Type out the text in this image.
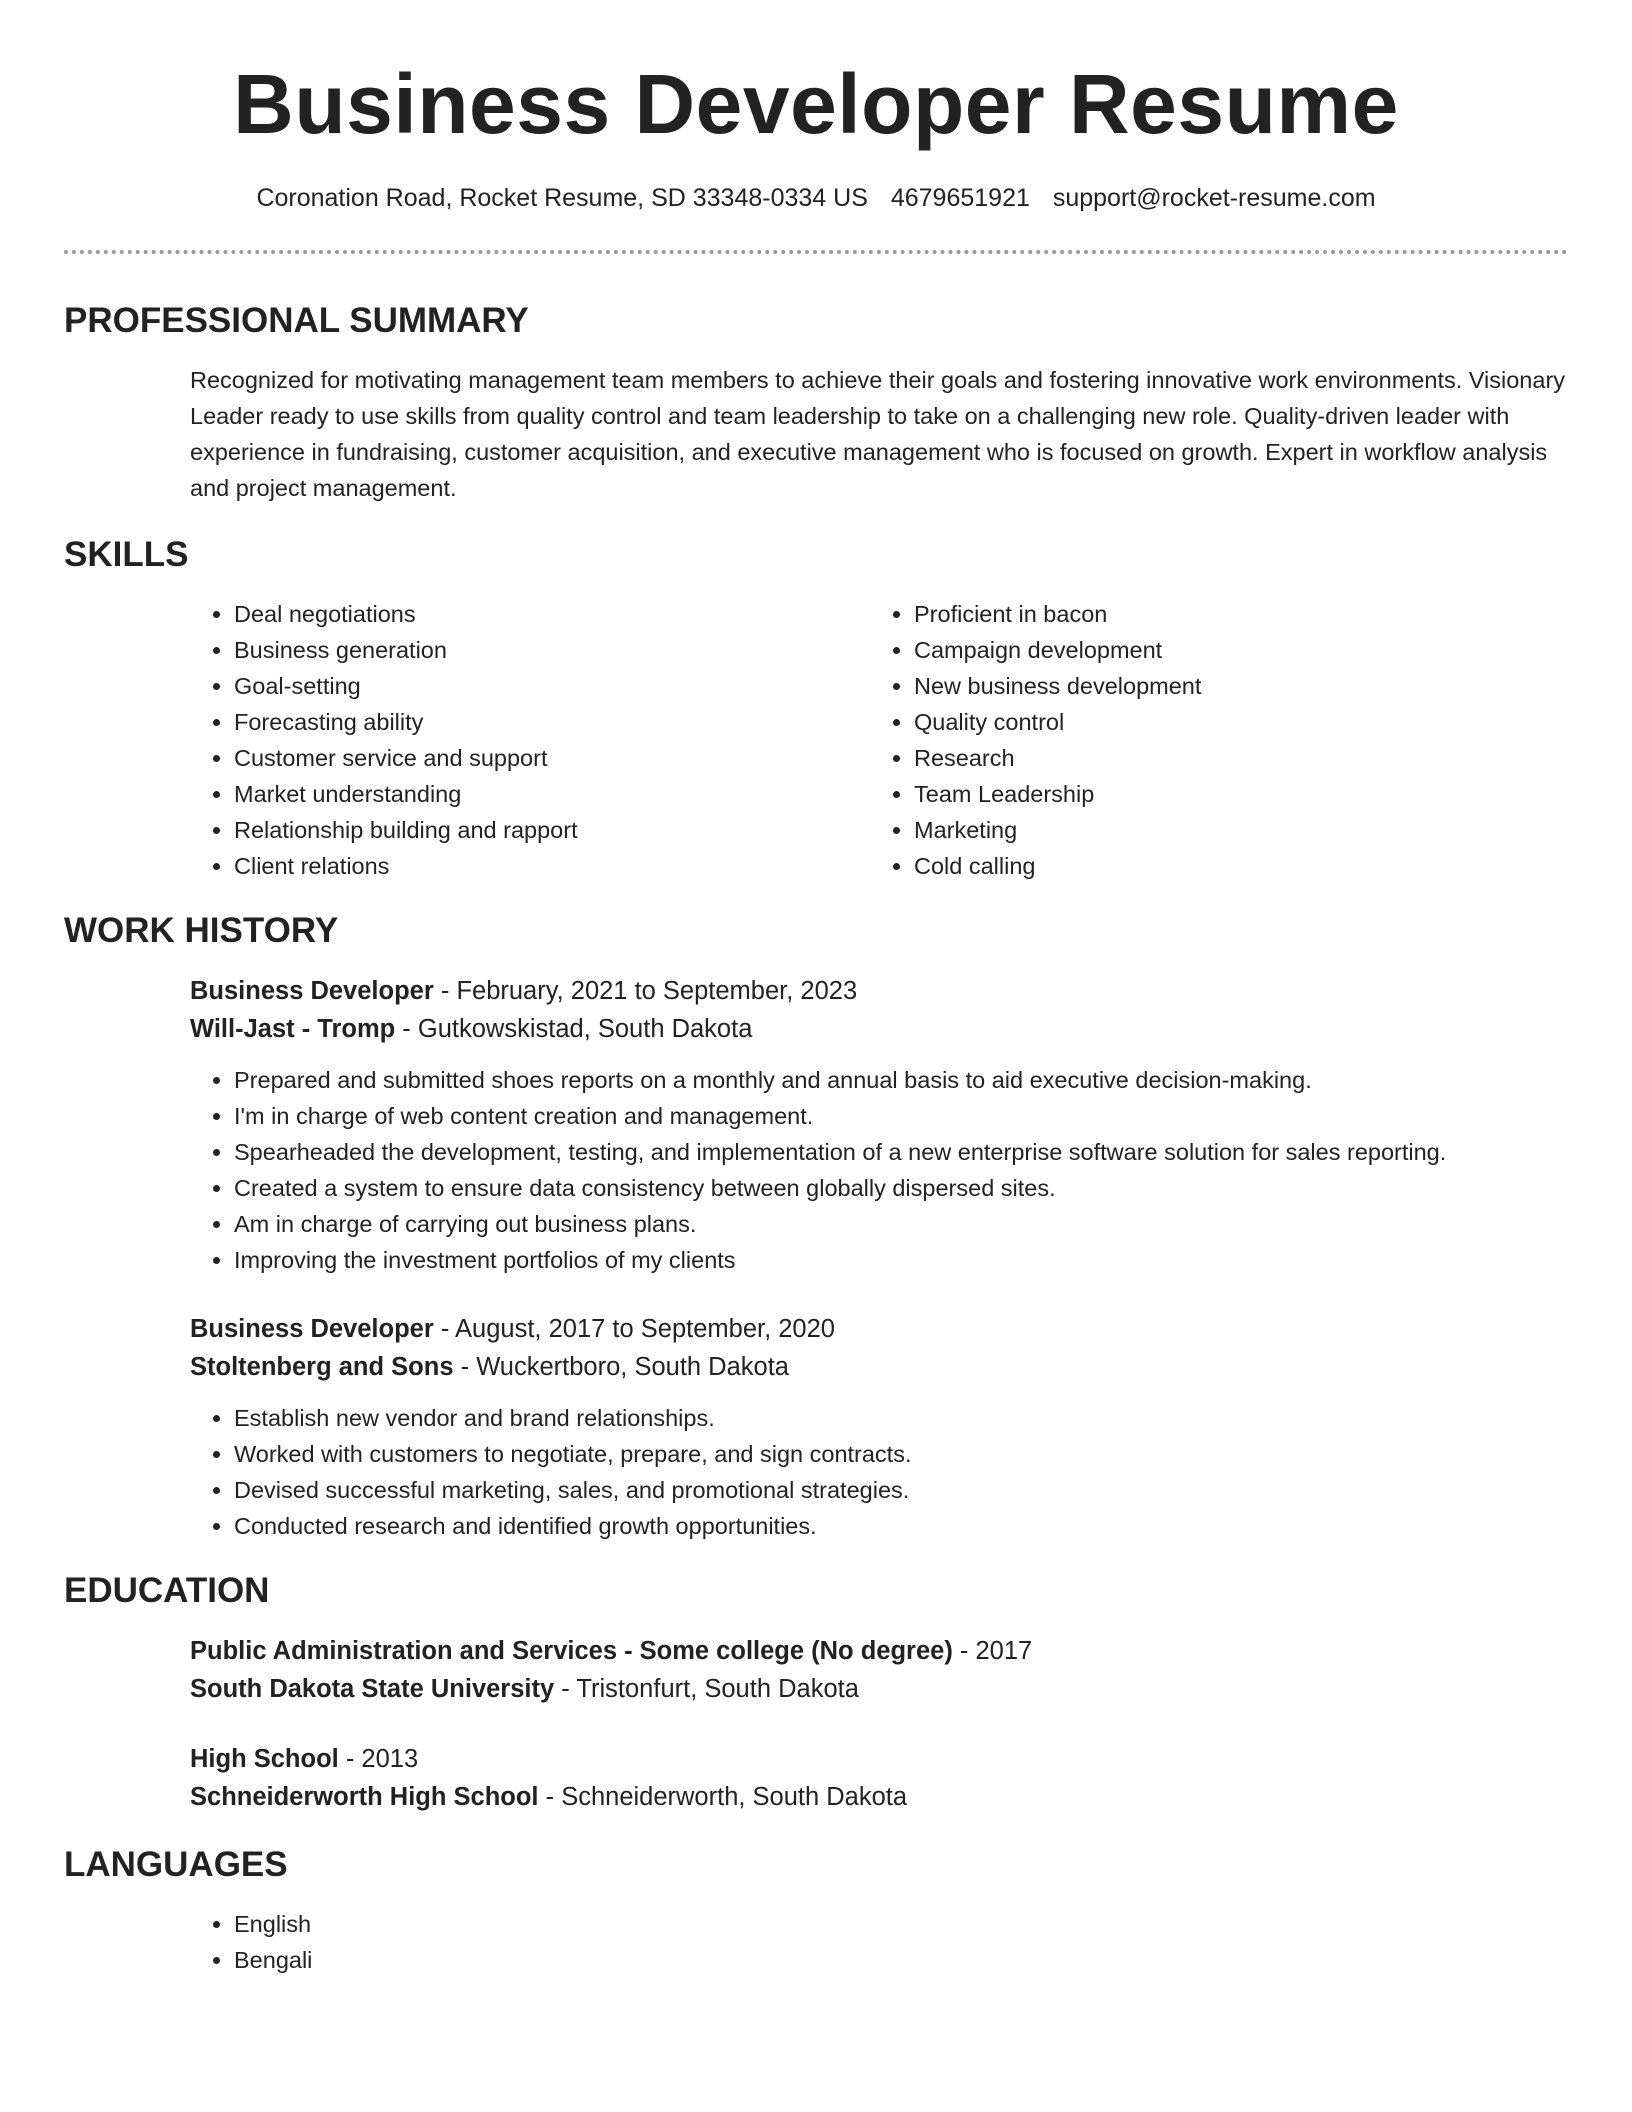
Business Developer Resume
Coronation Road, Rocket Resume, SD 33348-0334 US 4679651921 support@rocket-resume.com
PROFESSIONAL SUMMARY

Recognized for motivating management team members to achieve their goals and fostering innovative work environments. Visionary Leader ready to use skills from quality control and team leadership to take on a challenging new role. Quality-driven leader with experience in fundraising, customer acquisition, and executive management who is focused on growth. Expert in workflow analysis and project management.

SKILLS
• Deal negotiations
• Business generation
• Goal-setting
• Forecasting ability
• Customer service and support
• Market understanding
• Relationship building and rapport
• Client relations
• Proficient in bacon
• Campaign development
• New business development
• Quality control
• Research
• Team Leadership
• Marketing
• Cold calling
WORK HISTORY
Business Developer - February, 2021 to September, 2023
Will-Jast - Tromp - Gutkowskistad, South Dakota
• Prepared and submitted shoes reports on a monthly and annual basis to aid executive decision-making.
• I'm in charge of web content creation and management.
• Spearheaded the development, testing, and implementation of a new enterprise software solution for sales reporting.
• Created a system to ensure data consistency between globally dispersed sites.
• Am in charge of carrying out business plans.
• Improving the investment portfolios of my clients
Business Developer - August, 2017 to September, 2020
Stoltenberg and Sons - Wuckertboro, South Dakota
• Establish new vendor and brand relationships.
• Worked with customers to negotiate, prepare, and sign contracts.
• Devised successful marketing, sales, and promotional strategies.
• Conducted research and identified growth opportunities.
EDUCATION
Public Administration and Services - Some college (No degree) - 2017
South Dakota State University - Tristonfurt, South Dakota
High School - 2013
Schneiderworth High School - Schneiderworth, South Dakota
LANGUAGES
• English
• Bengali
